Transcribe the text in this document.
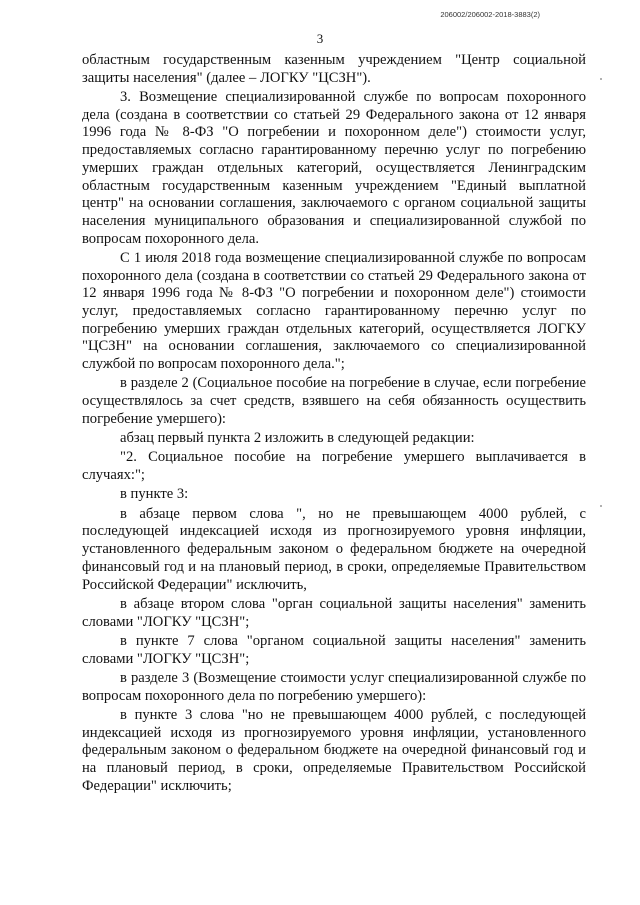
206002/206002-2018-3883(2)
3

областным государственным казенным учреждением "Центр социальной защиты населения" (далее – ЛОГКУ "ЦСЗН").

3. Возмещение специализированной службе по вопросам похоронного дела (создана в соответствии со статьей 29 Федерального закона от 12 января 1996 года № 8-ФЗ "О погребении и похоронном деле") стоимости услуг, предоставляемых согласно гарантированному перечню услуг по погребению умерших граждан отдельных категорий, осуществляется Ленинградским областным государственным казенным учреждением "Единый выплатной центр" на основании соглашения, заключаемого с органом социальной защиты населения муниципального образования и специализированной службой по вопросам похоронного дела.

С 1 июля 2018 года возмещение специализированной службе по вопросам похоронного дела (создана в соответствии со статьей 29 Федерального закона от 12 января 1996 года № 8-ФЗ "О погребении и похоронном деле") стоимости услуг, предоставляемых согласно гарантированному перечню услуг по погребению умерших граждан отдельных категорий, осуществляется ЛОГКУ "ЦСЗН" на основании соглашения, заключаемого со специализированной службой по вопросам похоронного дела.";

в разделе 2 (Социальное пособие на погребение в случае, если погребение осуществлялось за счет средств, взявшего на себя обязанность осуществить погребение умершего):

абзац первый пункта 2 изложить в следующей редакции:

"2. Социальное пособие на погребение умершего выплачивается в случаях:";

в пункте 3:

в абзаце первом слова ", но не превышающем 4000 рублей, с последующей индексацией исходя из прогнозируемого уровня инфляции, установленного федеральным законом о федеральном бюджете на очередной финансовый год и на плановый период, в сроки, определяемые Правительством Российской Федерации" исключить,

в абзаце втором слова "орган социальной защиты населения" заменить словами "ЛОГКУ "ЦСЗН";

в пункте 7 слова "органом социальной защиты населения" заменить словами "ЛОГКУ "ЦСЗН";

в разделе 3 (Возмещение стоимости услуг специализированной службе по вопросам похоронного дела по погребению умершего):

в пункте 3 слова "но не превышающем 4000 рублей, с последующей индексацией исходя из прогнозируемого уровня инфляции, установленного федеральным законом о федеральном бюджете на очередной финансовый год и на плановый период, в сроки, определяемые Правительством Российской Федерации" исключить;
